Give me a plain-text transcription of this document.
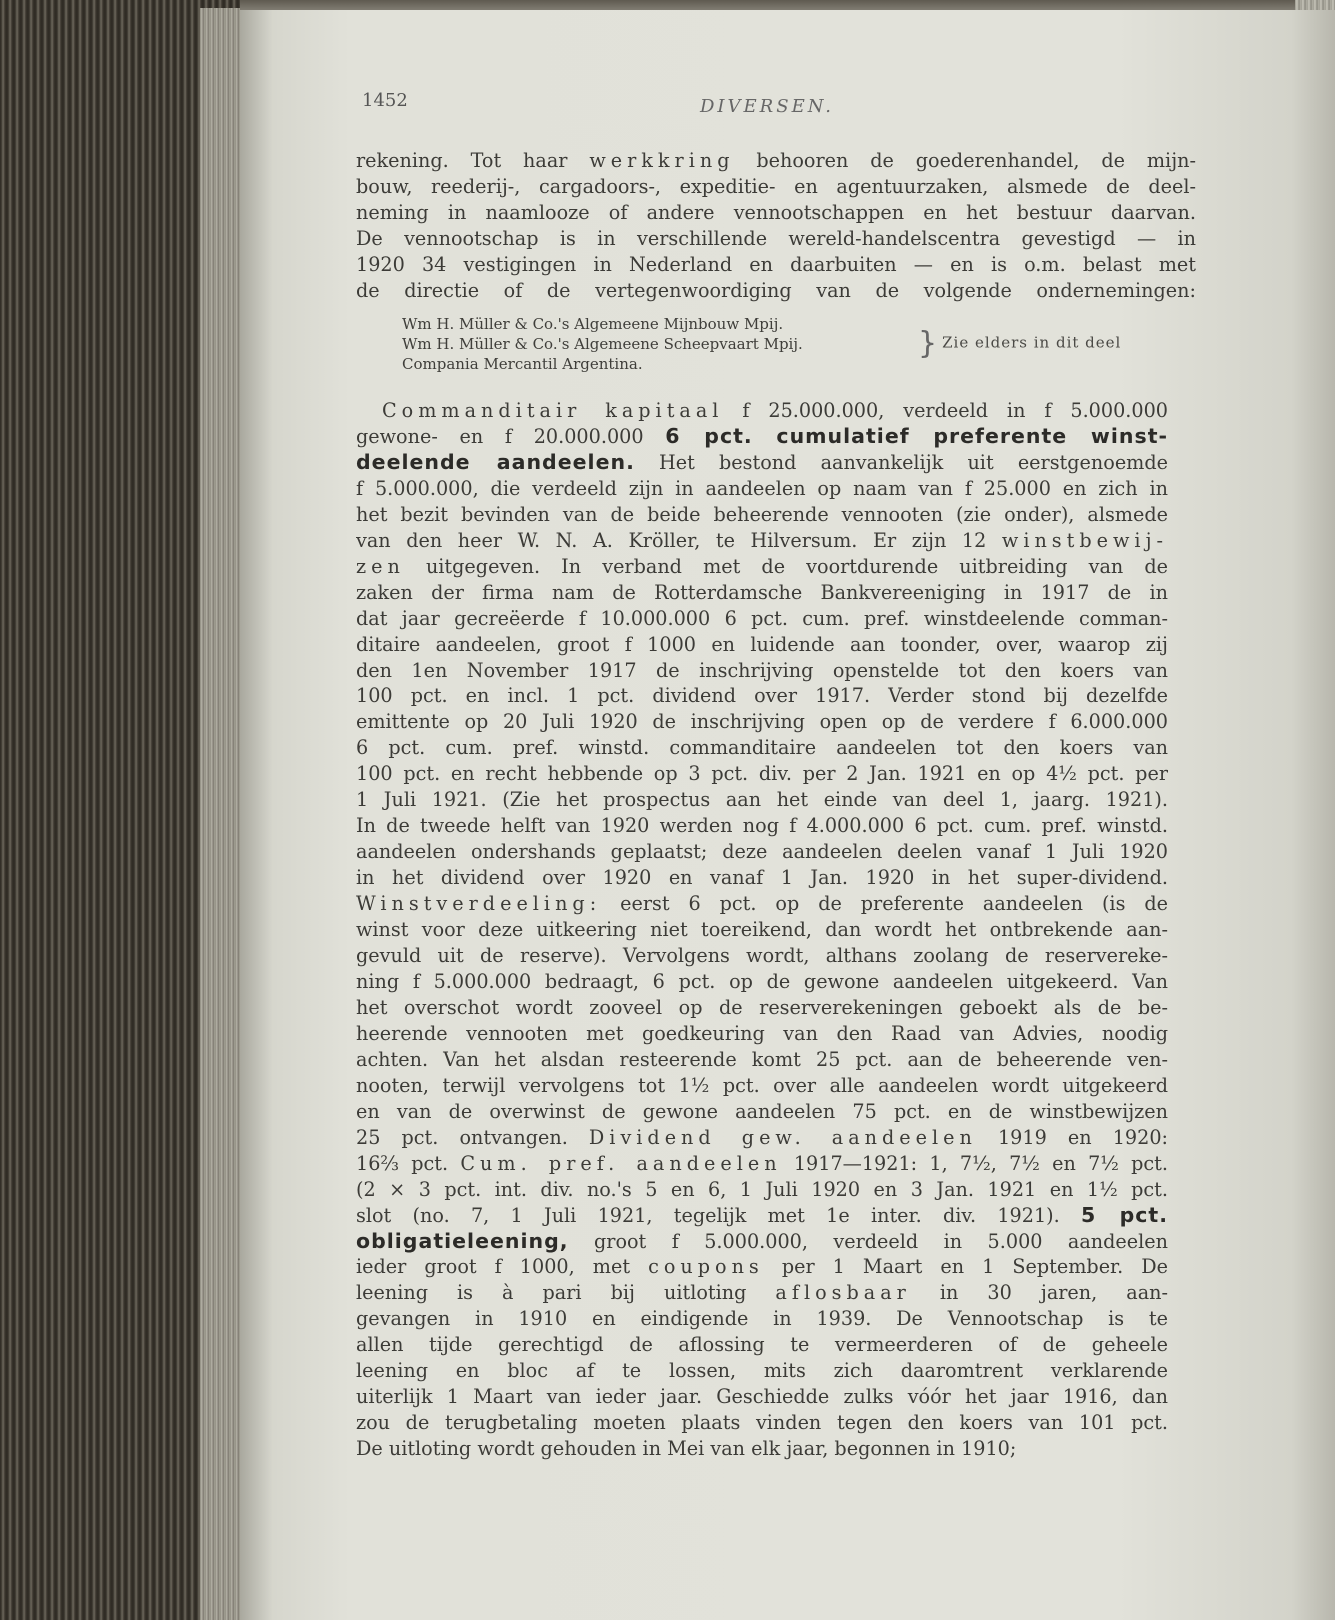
1452	DIVERSEN.
rekening. Tot haar werkkring behooren de goederenhandel, de mijn-
bouw, reederij-, cargadoors-, expeditie- en agentuurzaken, alsmede de deel-
neming in naamlooze of andere vennootschappen en het bestuur daarvan.
De vennootschap is in verschillende wereld-handelscentra gevestigd — in
1920 34 vestigingen in Nederland en daarbuiten — en is o.m. belast met
de directie of de vertegenwoordiging van de volgende ondernemingen:
Wm H. Müller & Co.'s Algemeene Mijnbouw Mpij.
Wm H. Müller & Co.'s Algemeene Scheepvaart Mpij.
Compania Mercantil Argentina.
} Zie elders in dit deel
Commanditair kapitaal f 25.000.000, verdeeld in f 5.000.000
gewone- en f 20.000.000 6 pct. cumulatief preferente winst-
deelende aandeelen. Het bestond aanvankelijk uit eerstgenoemde
f 5.000.000, die verdeeld zijn in aandeelen op naam van f 25.000 en zich in
het bezit bevinden van de beide beheerende vennooten (zie onder), alsmede
van den heer W. N. A. Kröller, te Hilversum. Er zijn 12 winstbewij-
zen uitgegeven. In verband met de voortdurende uitbreiding van de
zaken der firma nam de Rotterdamsche Bankvereeniging in 1917 de in
dat jaar gecreëerde f 10.000.000 6 pct. cum. pref. winstdeelende comman-
ditaire aandeelen, groot f 1000 en luidende aan toonder, over, waarop zij
den 1en November 1917 de inschrijving openstelde tot den koers van
100 pct. en incl. 1 pct. dividend over 1917. Verder stond bij dezelfde
emittente op 20 Juli 1920 de inschrijving open op de verdere f 6.000.000
6 pct. cum. pref. winstd. commanditaire aandeelen tot den koers van
100 pct. en recht hebbende op 3 pct. div. per 2 Jan. 1921 en op 4½ pct. per
1 Juli 1921. (Zie het prospectus aan het einde van deel 1, jaarg. 1921).
In de tweede helft van 1920 werden nog f 4.000.000 6 pct. cum. pref. winstd.
aandeelen ondershands geplaatst; deze aandeelen deelen vanaf 1 Juli 1920
in het dividend over 1920 en vanaf 1 Jan. 1920 in het super-dividend.
Winstverdeeling: eerst 6 pct. op de preferente aandeelen (is de
winst voor deze uitkeering niet toereikend, dan wordt het ontbrekende aan-
gevuld uit de reserve). Vervolgens wordt, althans zoolang de reservereke-
ning f 5.000.000 bedraagt, 6 pct. op de gewone aandeelen uitgekeerd. Van
het overschot wordt zooveel op de reserverekeningen geboekt als de be-
heerende vennooten met goedkeuring van den Raad van Advies, noodig
achten. Van het alsdan resteerende komt 25 pct. aan de beheerende ven-
nooten, terwijl vervolgens tot 1½ pct. over alle aandeelen wordt uitgekeerd
en van de overwinst de gewone aandeelen 75 pct. en de winstbewijzen
25 pct. ontvangen. Dividend gew. aandeelen 1919 en 1920:
16⅔ pct. Cum. pref. aandeelen 1917—1921: 1, 7½, 7½ en 7½ pct.
(2 × 3 pct. int. div. no.'s 5 en 6, 1 Juli 1920 en 3 Jan. 1921 en 1½ pct.
slot (no. 7, 1 Juli 1921, tegelijk met 1e inter. div. 1921). 5 pct.
obligatieleening, groot f 5.000.000, verdeeld in 5.000 aandeelen
ieder groot f 1000, met coupons per 1 Maart en 1 September. De
leening is à pari bij uitloting aflosbaar in 30 jaren, aan-
gevangen in 1910 en eindigende in 1939. De Vennootschap is te
allen tijde gerechtigd de aflossing te vermeerderen of de geheele
leening en bloc af te lossen, mits zich daaromtrent verklarende
uiterlijk 1 Maart van ieder jaar. Geschiedde zulks vóór het jaar 1916, dan
zou de terugbetaling moeten plaats vinden tegen den koers van 101 pct.
De uitloting wordt gehouden in Mei van elk jaar, begonnen in 1910;
